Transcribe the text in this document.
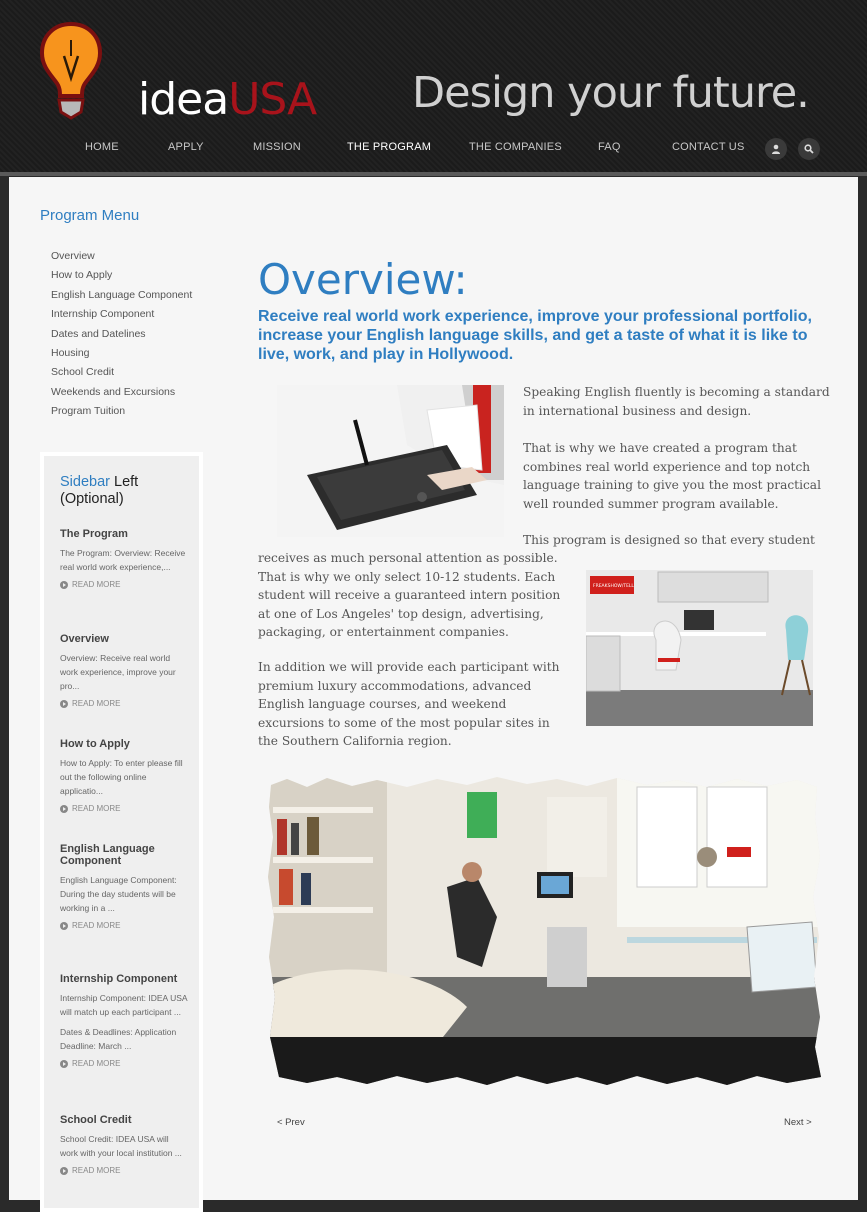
ideaUSA Design your future.
HOME	APPLY	MISSION	THE PROGRAM	THE COMPANIES	FAQ	CONTACT US
Program Menu
Overview
How to Apply
English Language Component
Internship Component
Dates and Datelines
Housing
School Credit
Weekends and Excursions
Program Tuition
Sidebar Left (Optional)
The Program

The Program: Overview: Receive real world work experience,...

READ MORE
Overview

Overview: Receive real world work experience, improve your pro...

READ MORE
How to Apply

How to Apply: To enter please fill out the following online applicatio...

READ MORE
English Language Component

English Language Component: During the day students will be working in a ...

READ MORE
Internship Component

Internship Component: IDEA USA will match up each participant ...

Dates & Deadlines: Application Deadline: March ...

READ MORE
School Credit

School Credit: IDEA USA will work with your local institution ...

READ MORE
Overview:
Receive real world work experience, improve your professional portfolio, increase your English language skills, and get a taste of what it is like to live, work, and play in Hollywood.
Speaking English fluently is becoming a standard in international business and design.
That is why we have created a program that combines real world experience and top notch language training to give you the most practical well rounded summer program available.
This program is designed so that every student
receives as much personal attention as possible. That is why we only select 10-12 students. Each student will receive a guaranteed intern position at one of Los Angeles' top design, advertising, packaging, or entertainment companies.
In addition we will provide each participant with premium luxury accommodations, advanced English language courses, and weekend excursions to some of the most popular sites in the Southern California region.
FREAKSHOW/TELL
< Prev	Next >
